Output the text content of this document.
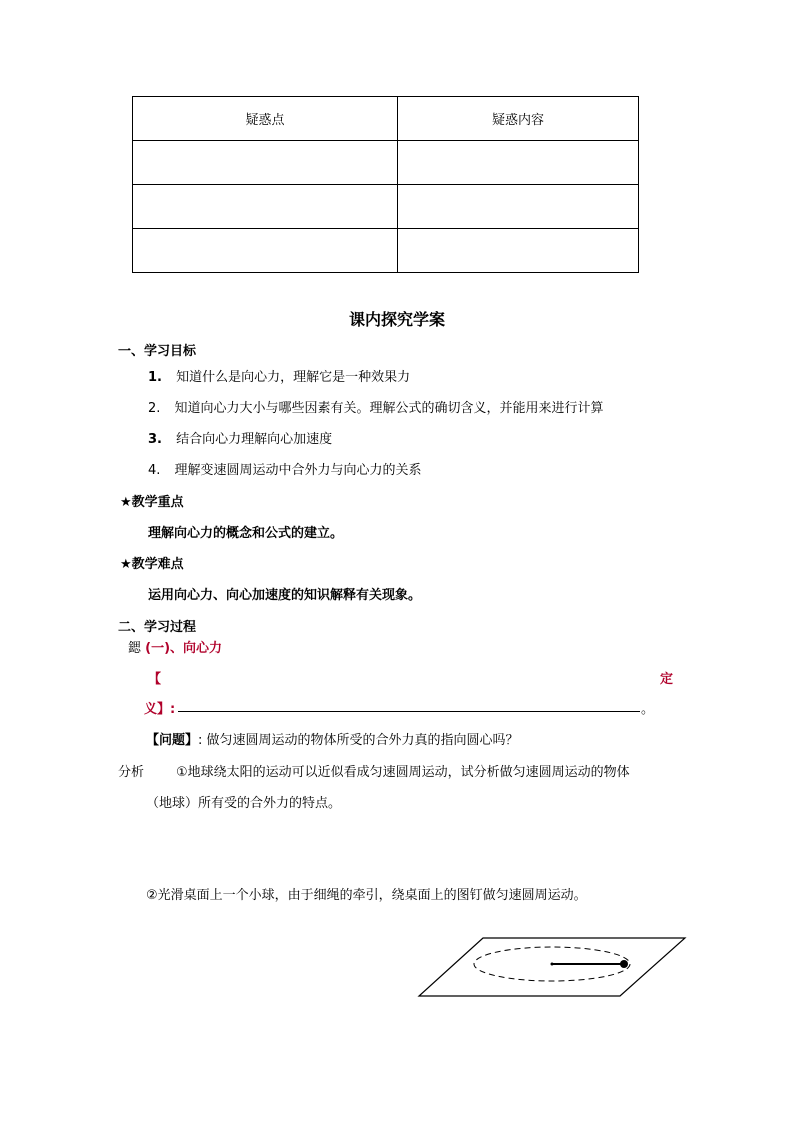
疑惑点	疑惑内容

课内探究学案
一、学习目标
1. 知道什么是向心力，理解它是一种效果力
2. 知道向心力大小与哪些因素有关。理解公式的确切含义，并能用来进行计算
3. 结合向心力理解向心加速度
4. 理解变速圆周运动中合外力与向心力的关系
★教学重点
理解向心力的概念和公式的建立。
★教学难点
运用向心力、向心加速度的知识解释有关现象。
二、学习过程
鍶 (一)、向心力
【	定
义】:	。
【问题】: 做匀速圆周运动的物体所受的合外力真的指向圆心吗？
分析 ①地球绕太阳的运动可以近似看成匀速圆周运动，试分析做匀速圆周运动的物体
（地球）所有受的合外力的特点。
②光滑桌面上一个小球，由于细绳的牵引，绕桌面上的图钉做匀速圆周运动。
